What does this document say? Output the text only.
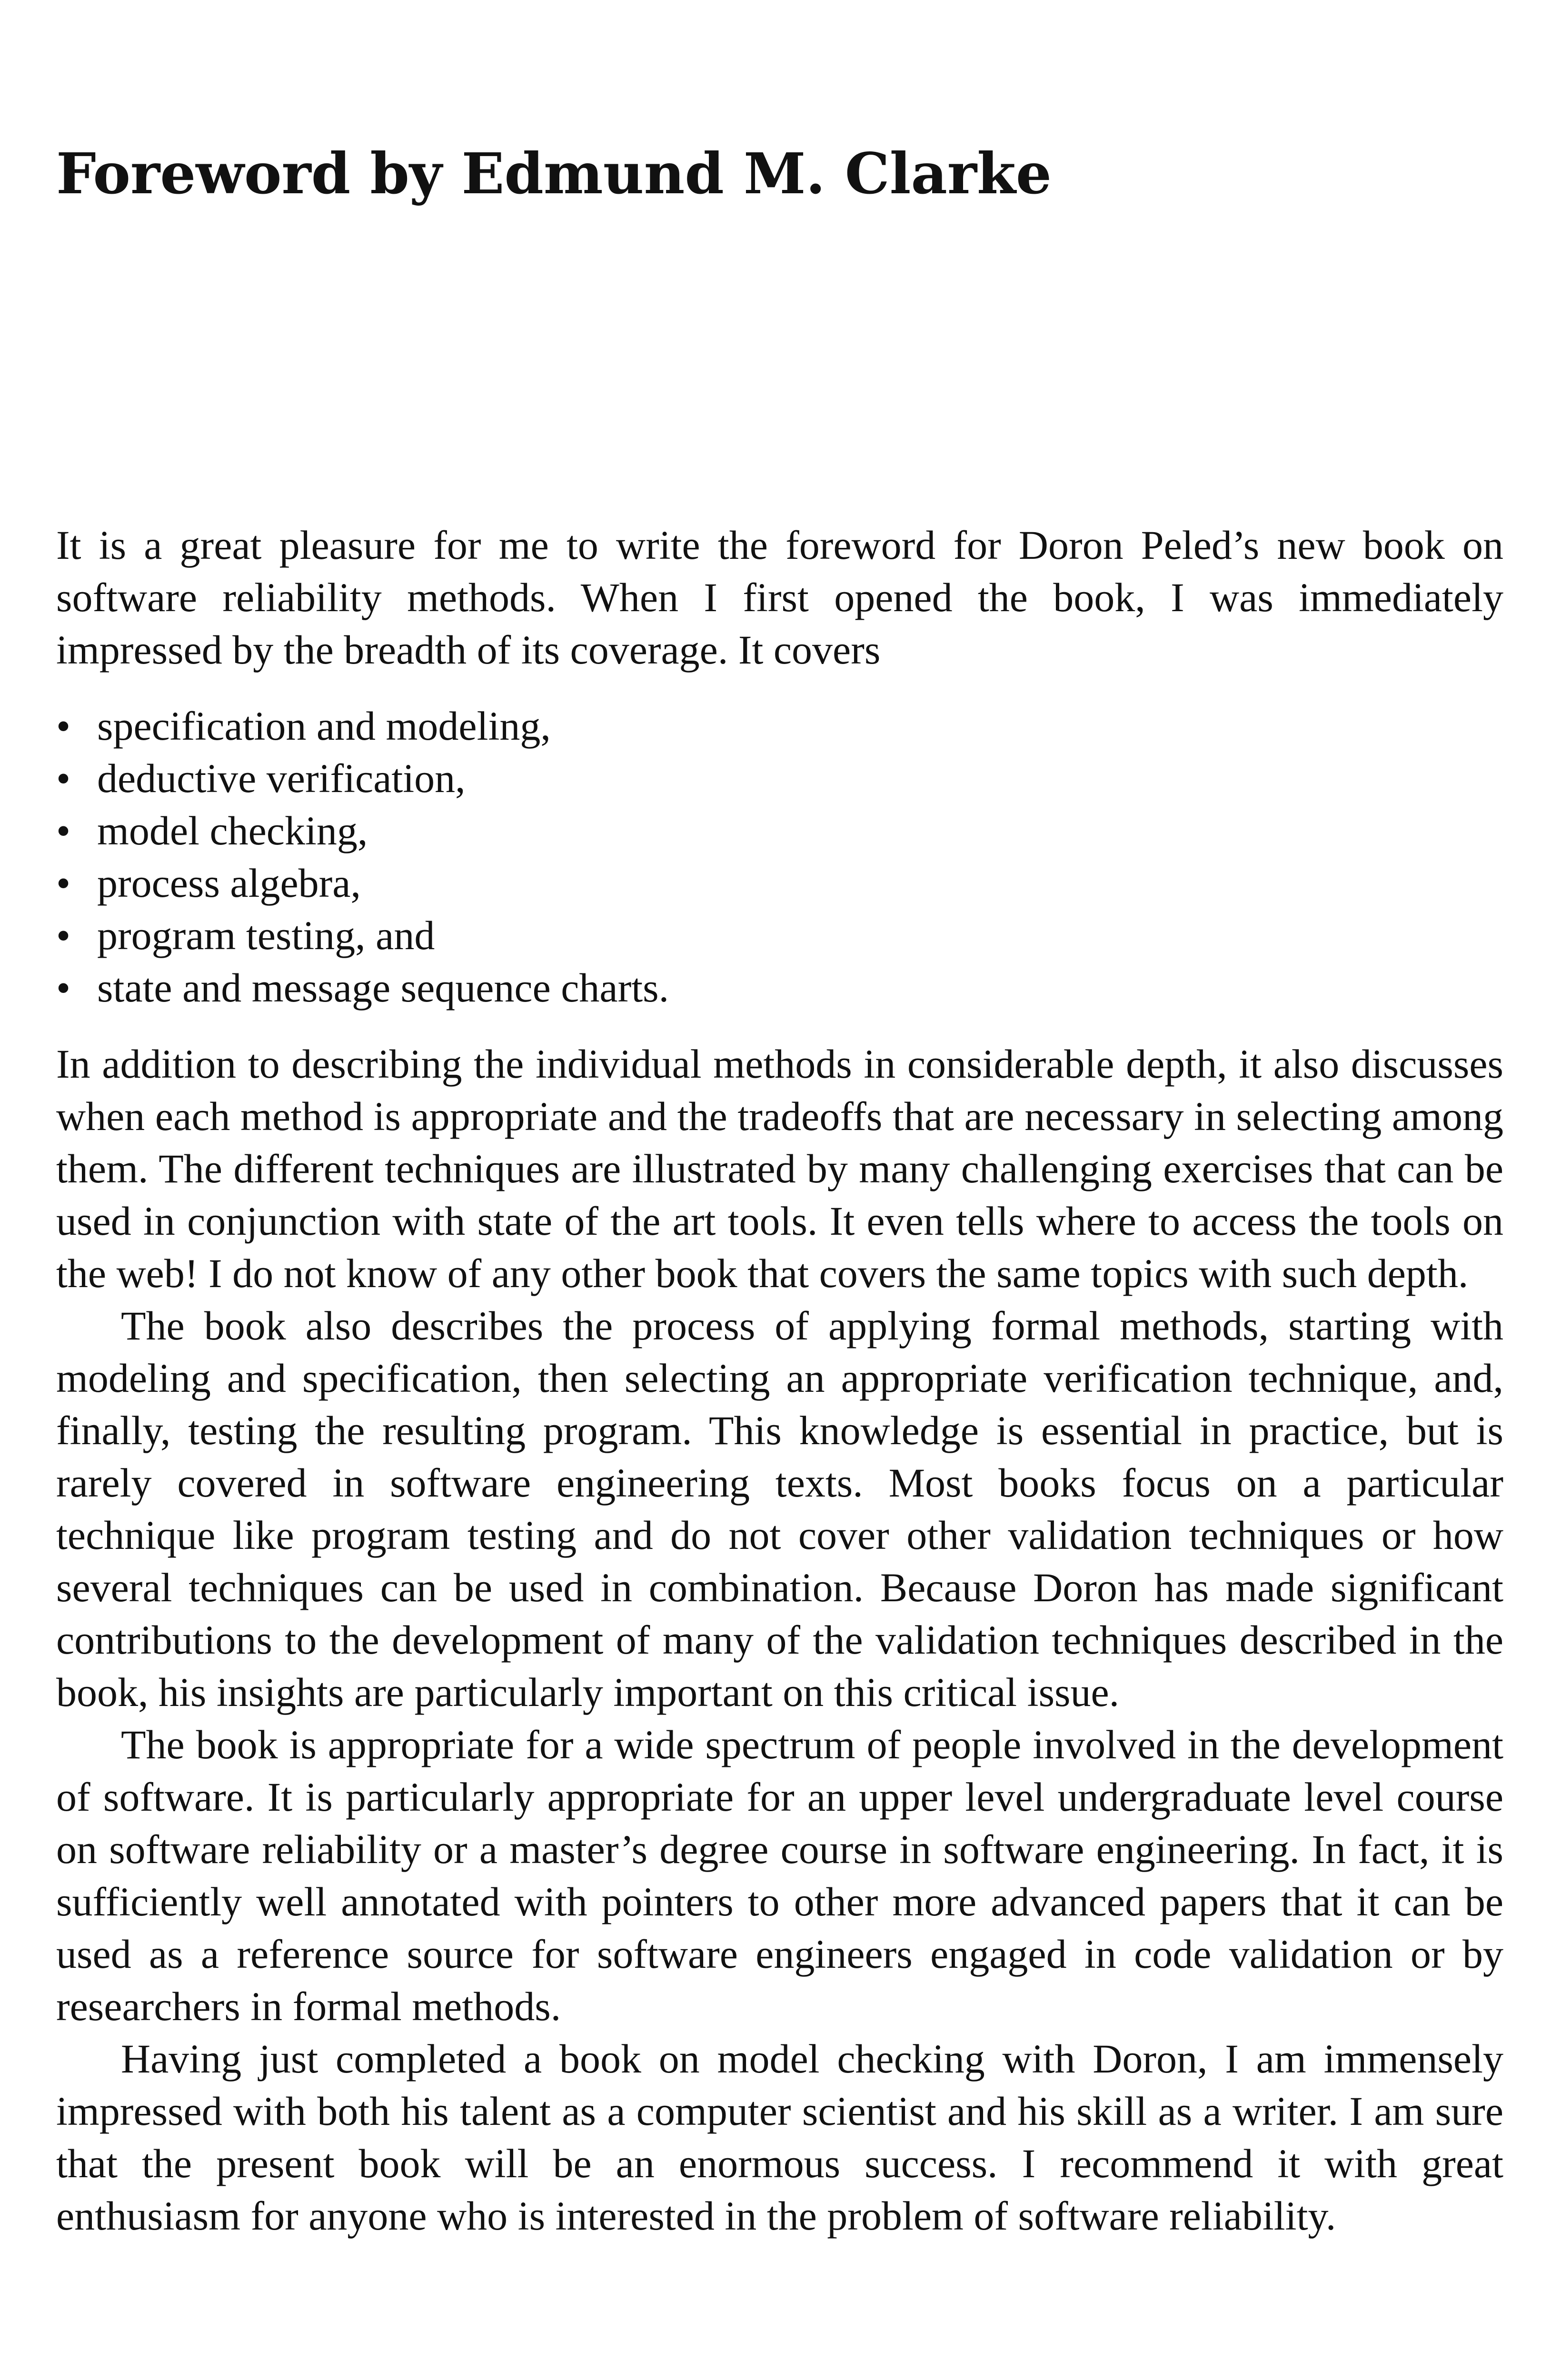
Foreword by Edmund M. Clarke

It is a great pleasure for me to write the foreword for Doron Peled’s new book on software reliability methods. When I first opened the book, I was immediately impressed by the breadth of its coverage. It covers

•
specification and modeling,
•
deductive verification,
•
model checking,
•
process algebra,
•
program testing, and
•
state and message sequence charts.

In addition to describing the individual methods in considerable depth, it also discusses when each method is appropriate and the tradeoffs that are necessary in selecting among them. The different techniques are illustrated by many challenging exercises that can be used in conjunction with state of the art tools. It even tells where to access the tools on the web! I do not know of any other book that covers the same topics with such depth.

The book also describes the process of applying formal methods, starting with modeling and specification, then selecting an appropriate verification technique, and, finally, testing the resulting program. This knowledge is essential in practice, but is rarely covered in software engineering texts. Most books focus on a particular technique like program testing and do not cover other validation techniques or how several techniques can be used in combination. Because Doron has made significant contributions to the development of many of the validation techniques described in the book, his insights are particularly important on this critical issue.

The book is appropriate for a wide spectrum of people involved in the development of software. It is particularly appropriate for an upper level undergraduate level course on software reliability or a master’s degree course in software engineering. In fact, it is sufficiently well annotated with pointers to other more advanced papers that it can be used as a reference source for software engineers engaged in code validation or by researchers in formal methods.

Having just completed a book on model checking with Doron, I am immensely impressed with both his talent as a computer scientist and his skill as a writer. I am sure that the present book will be an enormous success. I recommend it with great enthusiasm for anyone who is interested in the problem of software reliability.
